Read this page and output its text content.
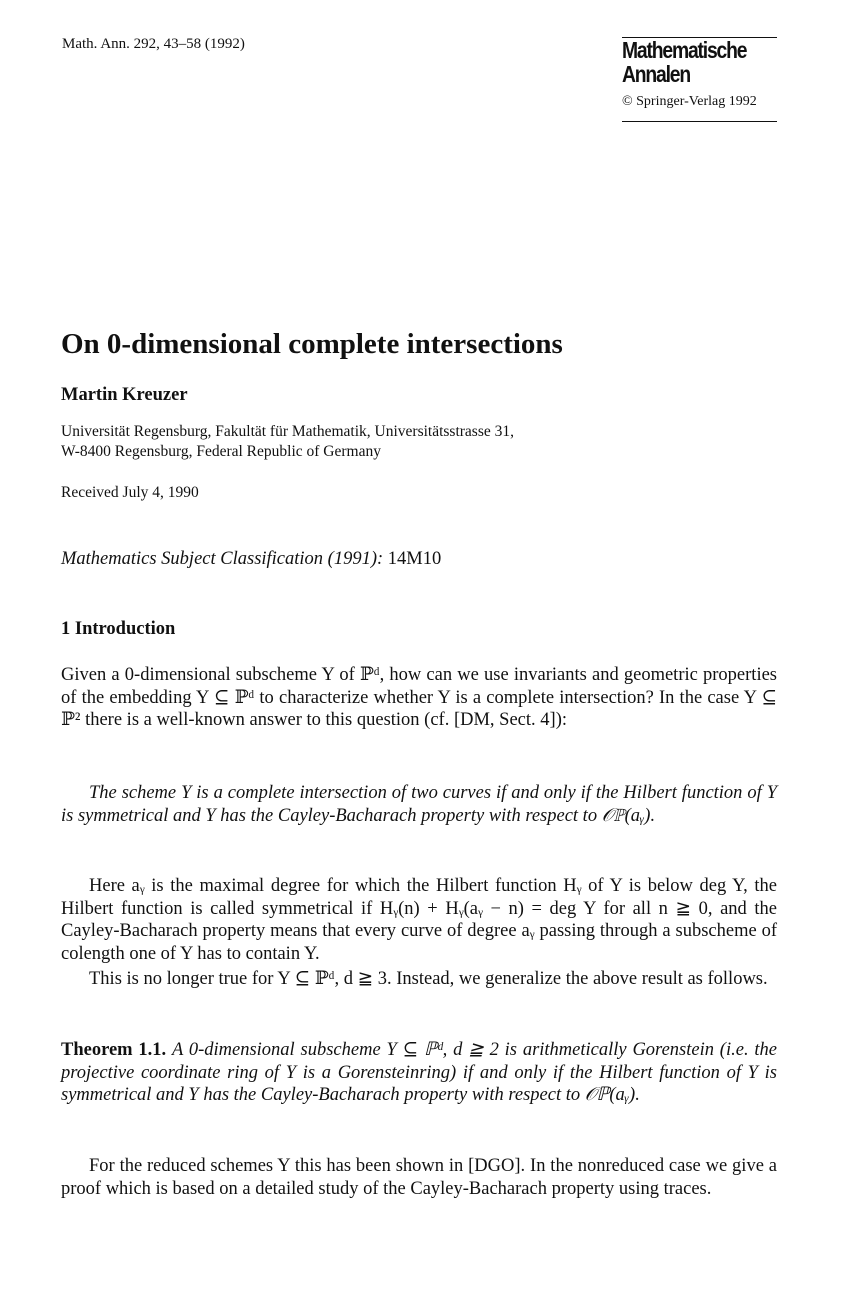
Math. Ann. 292, 43–58 (1992)	Mathematische
Annalen
© Springer-Verlag 1992
On 0-dimensional complete intersections
Martin Kreuzer
Universität Regensburg, Fakultät für Mathematik, Universitätsstrasse 31,
W-8400 Regensburg, Federal Republic of Germany
Received July 4, 1990
Mathematics Subject Classification (1991): 14M10
1 Introduction

Given a 0-dimensional subscheme Y of ℙᵈ, how can we use invariants and geometric properties of the embedding Y ⊆ ℙᵈ to characterize whether Y is a complete intersection? In the case Y ⊆ ℙ² there is a well-known answer to this question (cf. [DM, Sect. 4]):

The scheme Y is a complete intersection of two curves if and only if the Hilbert function of Y is symmetrical and Y has the Cayley-Bacharach property with respect to 𝒪ℙ(aᵧ).

Here aᵧ is the maximal degree for which the Hilbert function Hᵧ of Y is below deg Y, the Hilbert function is called symmetrical if Hᵧ(n) + Hᵧ(aᵧ − n) = deg Y for all n ≧ 0, and the Cayley-Bacharach property means that every curve of degree aᵧ passing through a subscheme of colength one of Y has to contain Y.

This is no longer true for Y ⊆ ℙᵈ, d ≧ 3. Instead, we generalize the above result as follows.

Theorem 1.1. A 0-dimensional subscheme Y ⊆ ℙᵈ, d ≧ 2 is arithmetically Gorenstein (i.e. the projective coordinate ring of Y is a Gorensteinring) if and only if the Hilbert function of Y is symmetrical and Y has the Cayley-Bacharach property with respect to 𝒪ℙ(aᵧ).

For the reduced schemes Y this has been shown in [DGO]. In the nonreduced case we give a proof which is based on a detailed study of the Cayley-Bacharach property using traces.
